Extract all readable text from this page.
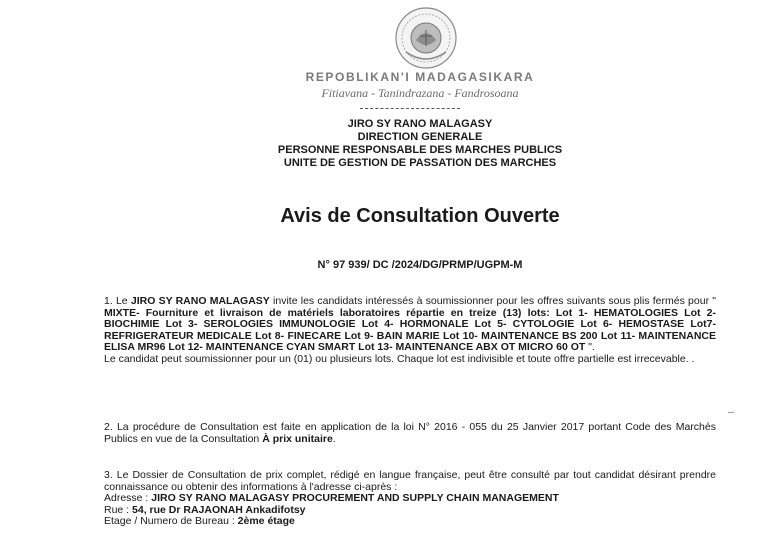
REPOBLIKAN'I MADAGASIKARA
Fitiavana - Tanindrazana - Fandrosoana
JIRO SY RANO MALAGASY
DIRECTION GENERALE
PERSONNE RESPONSABLE DES MARCHES PUBLICS
UNITE DE GESTION DE PASSATION DES MARCHES
Avis de Consultation Ouverte
N° 97 939/ DC /2024/DG/PRMP/UGPM-M
1. Le JIRO SY RANO MALAGASY invite les candidats intéressés à soumissionner pour les offres suivants sous plis fermés pour " MIXTE- Fourniture et livraison de matériels laboratoires répartie en treize (13) lots: Lot 1- HEMATOLOGIES Lot 2- BIOCHIMIE Lot 3- SEROLOGIES IMMUNOLOGIE Lot 4- HORMONALE Lot 5- CYTOLOGIE Lot 6- HEMOSTASE Lot7- REFRIGERATEUR MEDICALE Lot 8- FINECARE Lot 9- BAIN MARIE Lot 10- MAINTENANCE BS 200 Lot 11- MAINTENANCE ELISA MR96 Lot 12- MAINTENANCE CYAN SMART Lot 13- MAINTENANCE ABX OT MICRO 60 OT ".
Le candidat peut soumissionner pour un (01) ou plusieurs lots. Chaque lot est indivisible et toute offre partielle est irrecevable. .
2. La procédure de Consultation est faite en application de la loi N° 2016 - 055 du 25 Janvier 2017 portant Code des Marchés Publics en vue de la Consultation À prix unitaire.
3. Le Dossier de Consultation de prix complet, rédigé en langue française, peut être consulté par tout candidat désirant prendre connaissance ou obtenir des informations à l'adresse ci-après :
Adresse : JIRO SY RANO MALAGASY PROCUREMENT AND SUPPLY CHAIN MANAGEMENT
Rue : 54, rue Dr RAJAONAH Ankadifotsy
Etage / Numero de Bureau : 2ème étage
